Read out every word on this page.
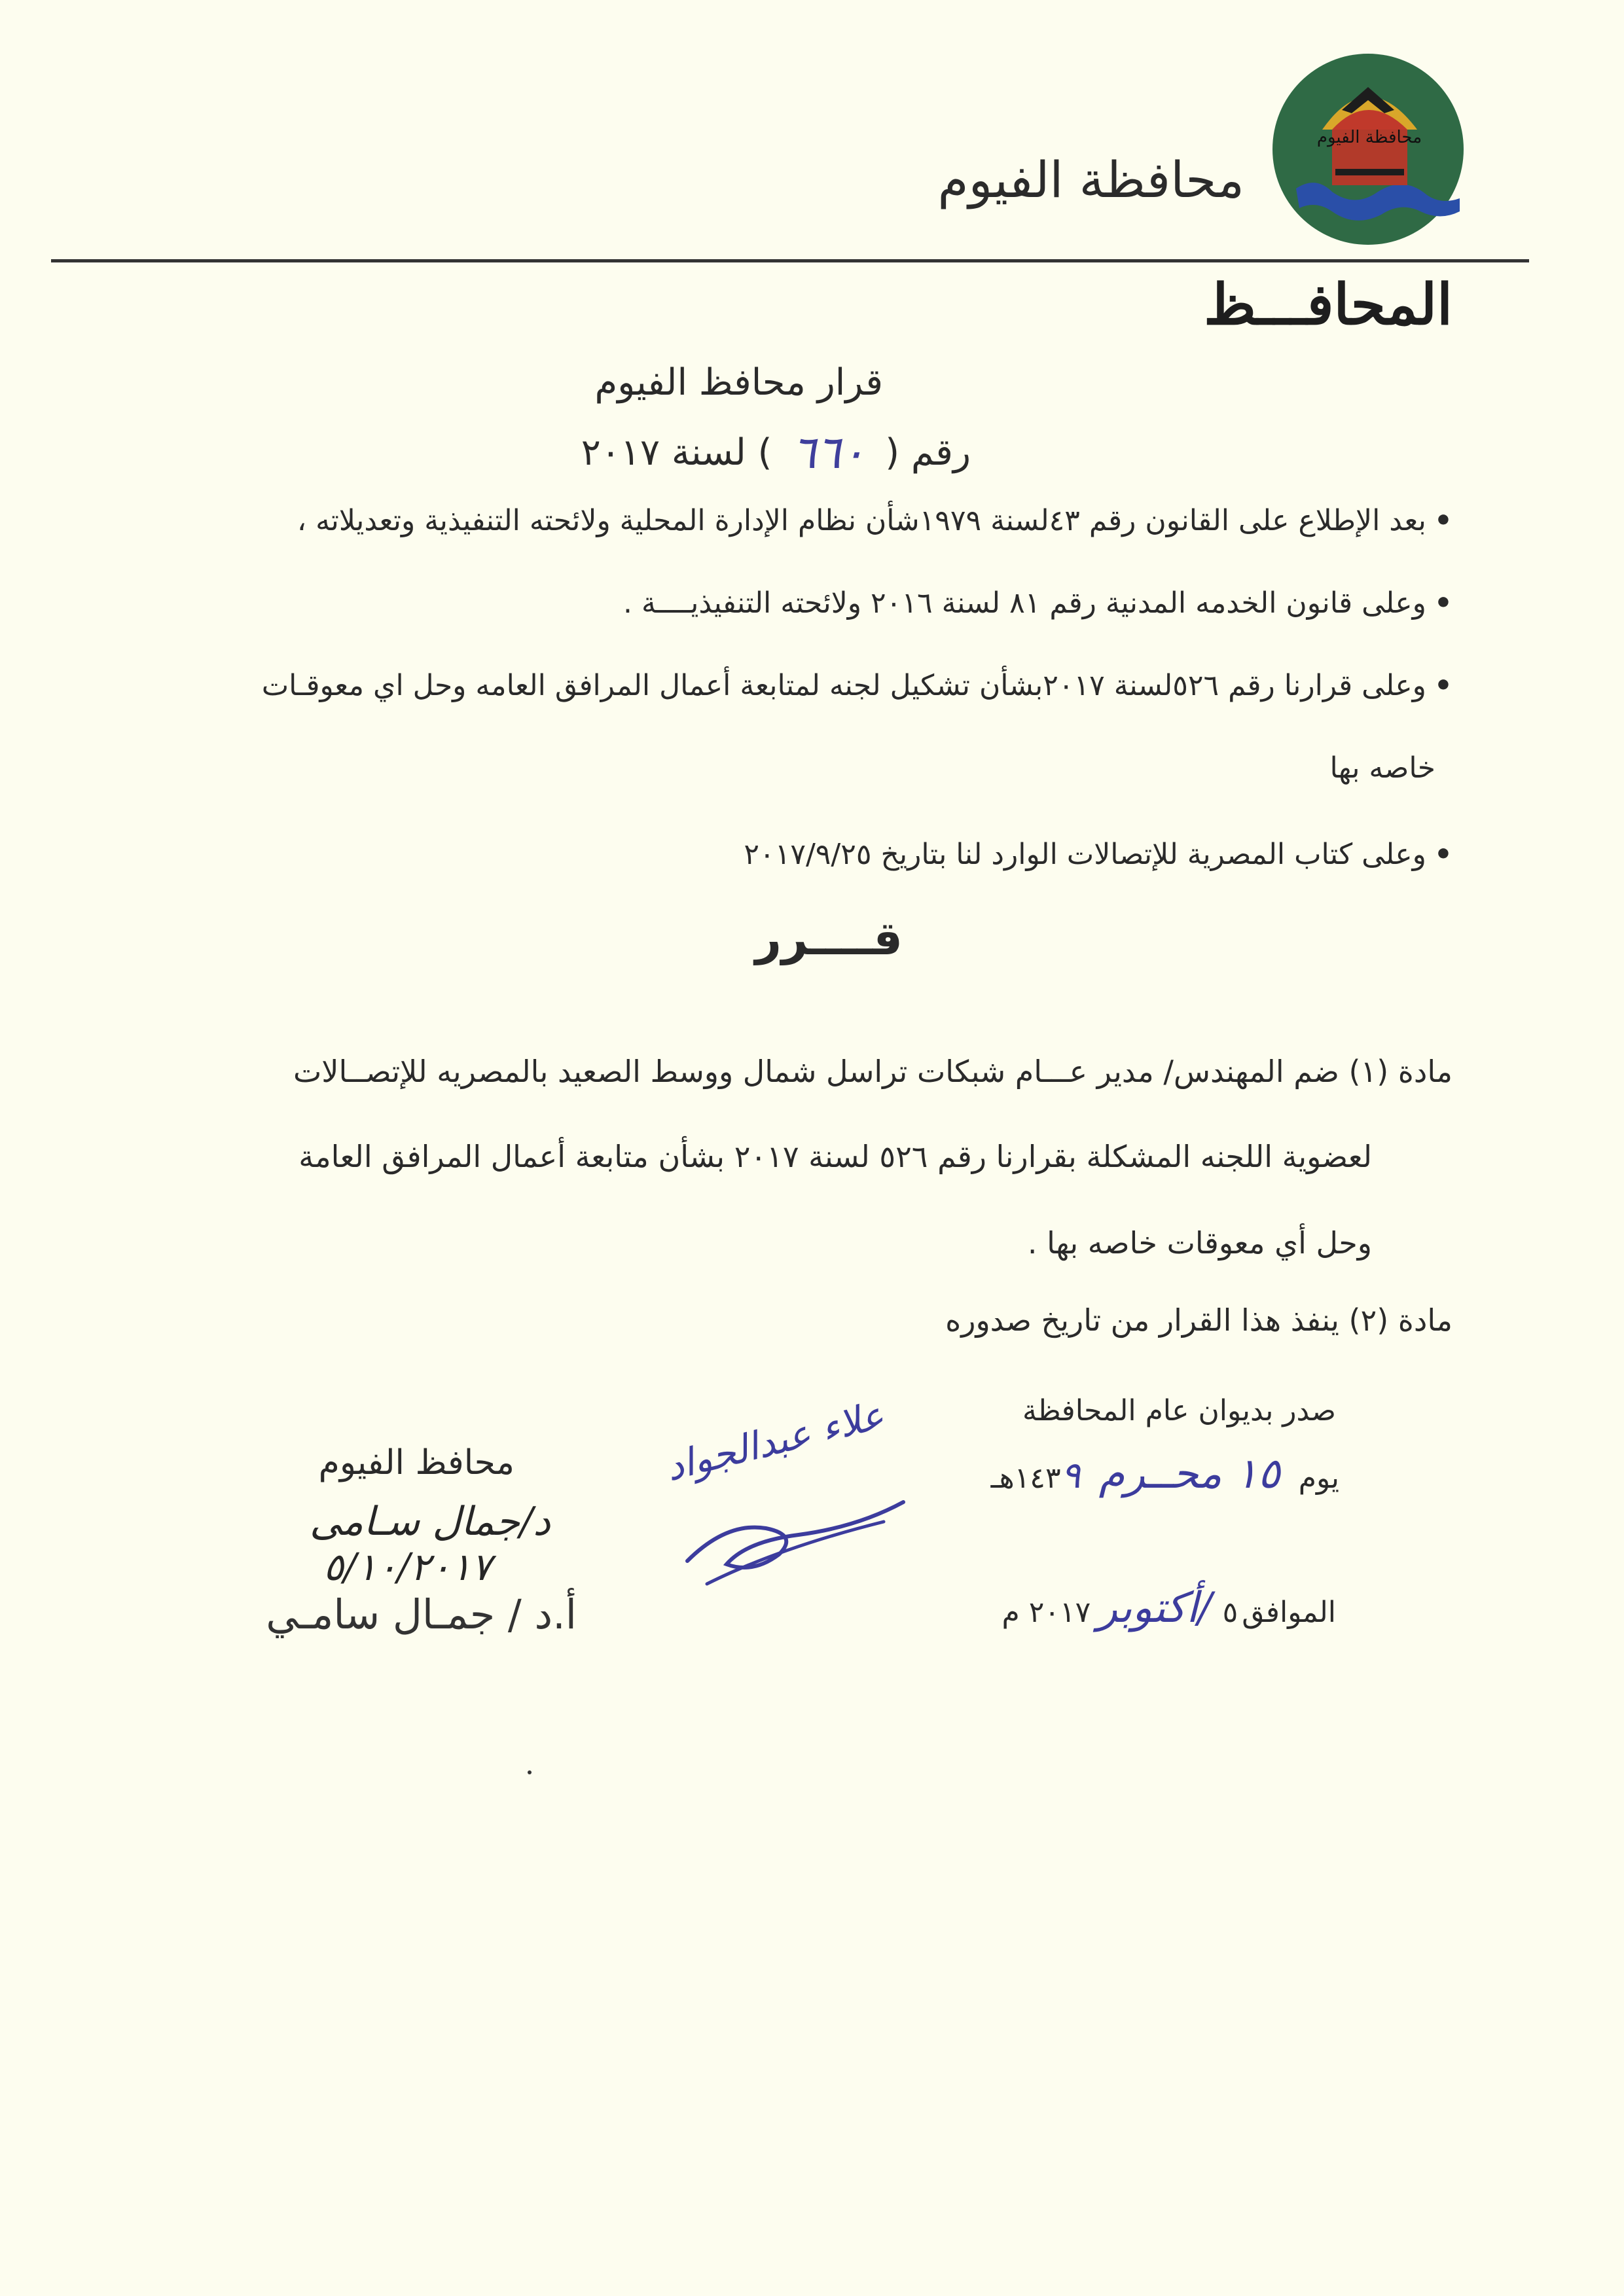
محافظة الفيوم
محافظة الفيوم
المحافـــظ
قرار محافظ الفيوم
رقم (
٦٦٠
) لسنة ٢٠١٧
•بعد الإطلاع على القانون رقم ٤٣لسنة ١٩٧٩شأن نظام الإدارة المحلية ولائحته التنفيذية وتعديلاته ،
•وعلى قانون الخدمه المدنية رقم ٨١ لسنة ٢٠١٦ ولائحته التنفيذيــــة .
•وعلى قرارنا رقم ٥٢٦لسنة ٢٠١٧بشأن تشكيل لجنه لمتابعة أعمال المرافق العامه وحل اي معوقـات
خاصه بها
•وعلى كتاب المصرية للإتصالات الوارد لنا بتاريخ ٢٠١٧/٩/٢٥
قــــرر
مادة (١) ضم المهندس/ مدير عـــام شبكات تراسل شمال ووسط الصعيد بالمصريه للإتصــالات
لعضوية اللجنه المشكلة بقرارنا رقم ٥٢٦ لسنة ٢٠١٧ بشأن متابعة أعمال المرافق العامة
وحل أي معوقات خاصه بها .
مادة (٢) ينفذ هذا القرار من تاريخ صدوره
صدر بديوان عام المحافظة
يوم
١٥ محــرم
٩
١٤٣هـ
الموافق
٥
/أكتوبر
٢٠١٧ م
علاء عبدالجواد
محافظ الفيوم
د/جمال سـامى
٥/١٠/٢٠١٧
أ.د / جمـال سامـي
